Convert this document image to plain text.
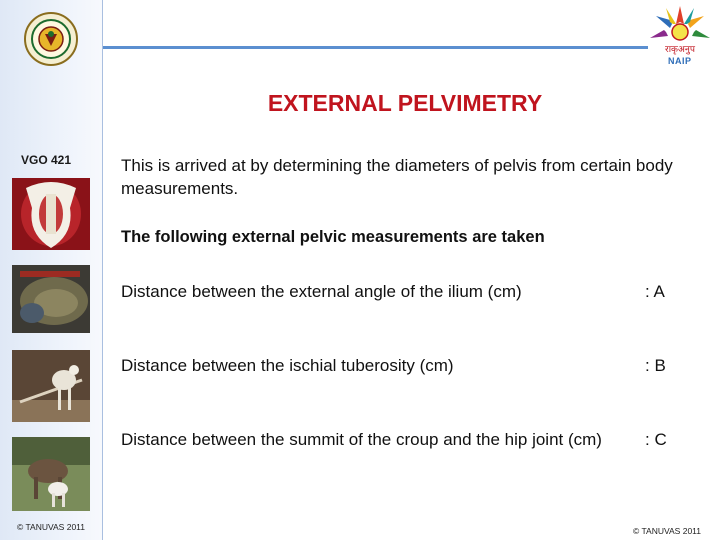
राकृअनुप
NAIP
VGO 421
© TANUVAS 2011
EXTERNAL PELVIMETRY
This is arrived at by determining the diameters of pelvis from certain body measurements.
The following external pelvic measurements are taken
Distance between the external angle of the ilium (cm)	: A
Distance between the ischial tuberosity (cm)	: B
Distance between the summit of the croup and the hip joint (cm)	: C
© TANUVAS 2011
